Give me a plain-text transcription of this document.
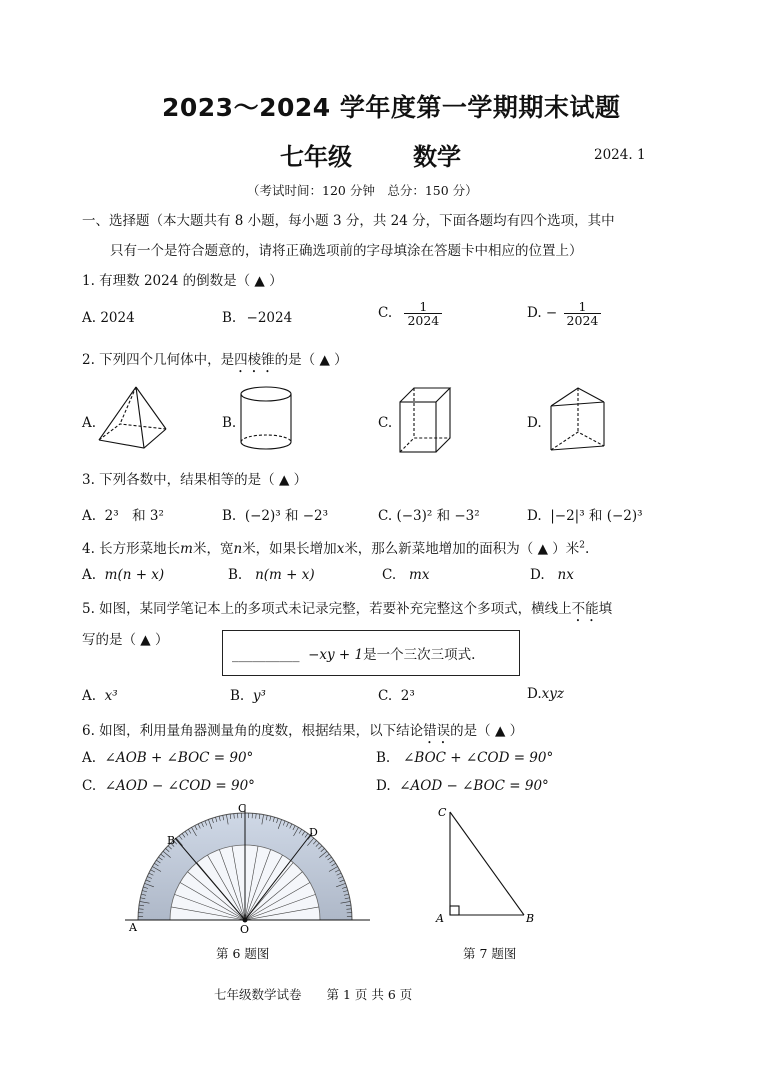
2023～2024 学年度第一学期期末试题
七年级	数学	2024. 1
（考试时间：120 分钟　总分：150 分）
一、选择题（本大题共有 8 小题，每小题 3 分，共 24 分，下面各题均有四个选项，其中
只有一个是符合题意的，请将正确选项前的字母填涂在答题卡中相应的位置上）
1. 有理数 2024 的倒数是（ ▲ ）
A. 2024	B. −2024	C. $\frac{1}{2024}$	D. − $\frac{1}{2024}$
2. 下列四个几何体中，是四棱锥的是（ ▲ ）
A.	B.	C.	D.
3. 下列各数中，结果相等的是（ ▲ ）
A. 2³　和 3²	B. (−2)³ 和 −2³	C. (−3)² 和 −3²	D. |−2|³ 和 (−2)³
4. 长方形菜地长m米，宽n米，如果长增加x米，那么新菜地增加的面积为（ ▲ ）米$^2$.
A. m(n + x)	B. n(m + x)	C. mx	D. nx
5. 如图，某同学笔记本上的多项式未记录完整，若要补充完整这个多项式，横线上不能填
写的是（ ▲ ）
__________ −xy + 1是一个三次三项式.
A. x³	B. y³	C. 2³	D.xyz
6. 如图，利用量角器测量角的度数，根据结果，以下结论错误的是（ ▲ ）
A. ∠AOB + ∠BOC = 90°	B. ∠BOC + ∠COD = 90°
C. ∠AOD − ∠COD = 90°	D. ∠AOD − ∠BOC = 90°
A
B
C
D
O
第 6 题图
C
A	B
第 7 题图
七年级数学试卷　　第 1 页 共 6 页
